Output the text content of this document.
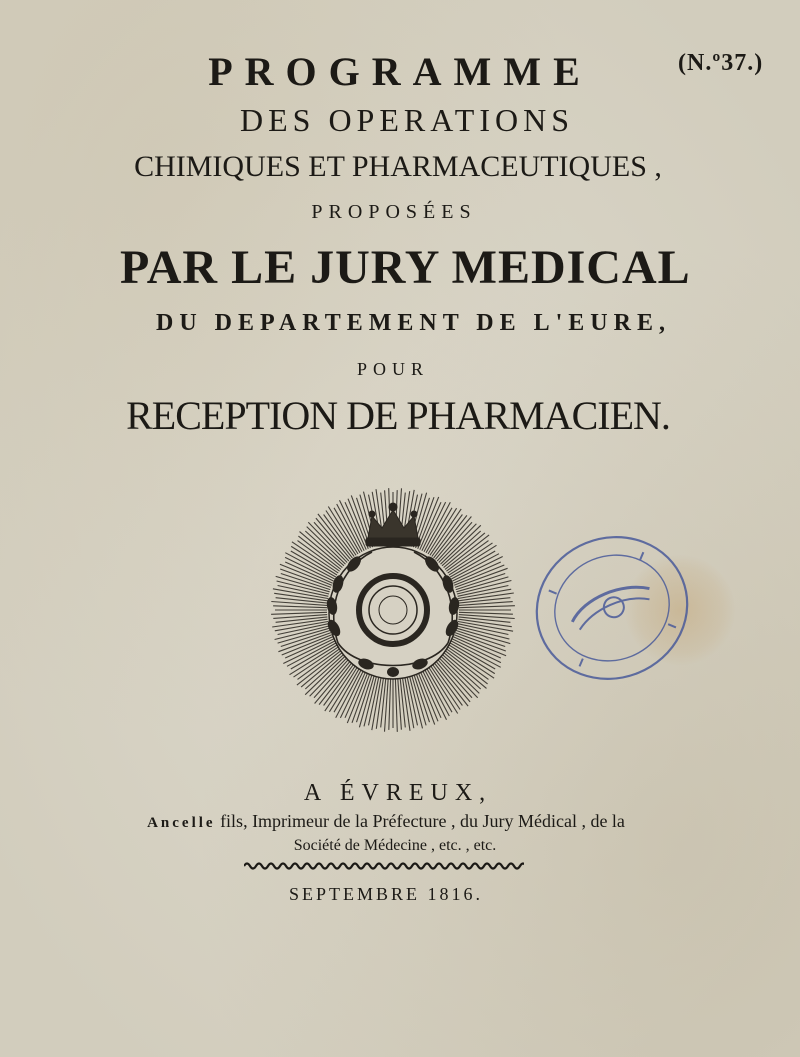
PROGRAMME	(N.º37.)
DES OPERATIONS
CHIMIQUES ET PHARMACEUTIQUES ,
PROPOSÉES
PAR LE JURY MEDICAL
DU DEPARTEMENT DE L'EURE,
POUR
RECEPTION DE PHARMACIEN.
A ÉVREUX,
Ancelle fils, Imprimeur de la Préfecture , du Jury Médical , de la
Société de Médecine , etc. , etc.
SEPTEMBRE 1816.
